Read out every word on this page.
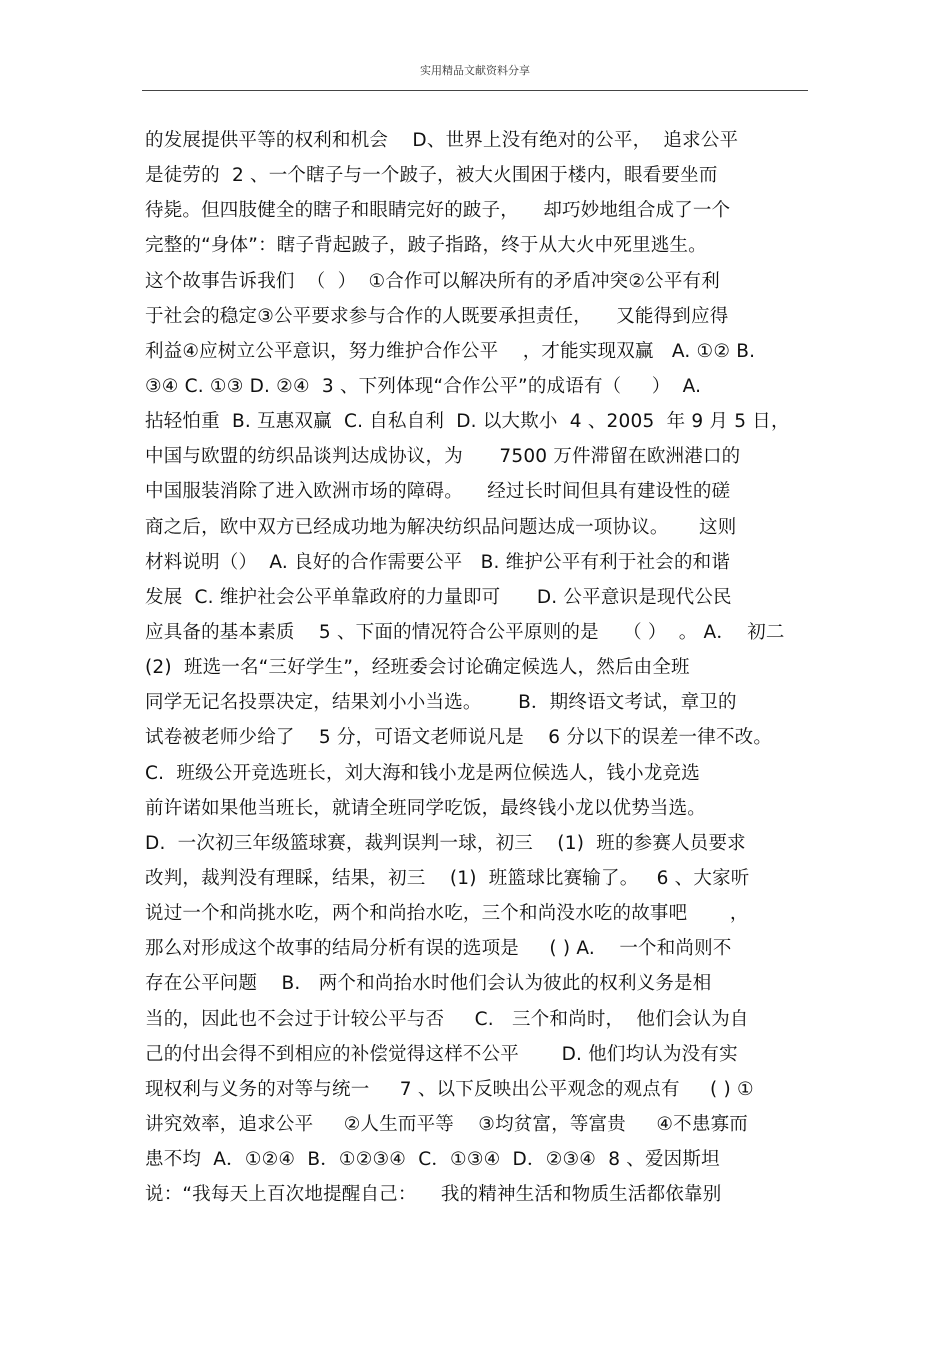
实用精品文献资料分享
的发展提供平等的权利和机会    D、世界上没有绝对的公平，  追求公平
是徒劳的  2 、一个瞎子与一个跛子，被大火围困于楼内，眼看要坐而
待毙。但四肢健全的瞎子和眼睛完好的跛子，    却巧妙地组合成了一个
完整的“身体”：瞎子背起跛子，跛子指路，终于从大火中死里逃生。
这个故事告诉我们  （  ）  ①合作可以解决所有的矛盾冲突②公平有利
于社会的稳定③公平要求参与合作的人既要承担责任，    又能得到应得
利益④应树立公平意识，努力维护合作公平    ，才能实现双赢   A. ①② B.
③④ C. ①③ D. ②④  3 、下列体现“合作公平”的成语有（     ）  A.
拈轻怕重  B. 互惠双赢  C. 自私自利  D. 以大欺小  4 、2005  年 9 月 5 日，
中国与欧盟的纺织品谈判达成协议，为      7500 万件滞留在欧洲港口的
中国服装消除了进入欧洲市场的障碍。    经过长时间但具有建设性的磋
商之后，欧中双方已经成功地为解决纺织品问题达成一项协议。     这则
材料说明（）  A. 良好的合作需要公平   B. 维护公平有利于社会的和谐
发展  C. 维护社会公平单靠政府的力量即可      D. 公平意识是现代公民
应具备的基本素质    5 、下面的情况符合公平原则的是    （ ）  。 A．  初二
(2)  班选一名“三好学生”，经班委会讨论确定候选人，然后由全班
同学无记名投票决定，结果刘小小当选。      B．期终语文考试，章卫的
试卷被老师少给了    5 分，可语文老师说凡是    6 分以下的误差一律不改。
C.  班级公开竞选班长，刘大海和钱小龙是两位候选人，钱小龙竞选
前许诺如果他当班长，就请全班同学吃饭，最终钱小龙以优势当选。
D.  一次初三年级篮球赛，裁判误判一球，初三    (1)  班的参赛人员要求
改判，裁判没有理睬，结果，初三    (1)  班篮球比赛输了。   6 、大家听
说过一个和尚挑水吃，两个和尚抬水吃，三个和尚没水吃的故事吧       ，
那么对形成这个故事的结局分析有误的选项是     ( ) A.    一个和尚则不
存在公平问题    B.   两个和尚抬水时他们会认为彼此的权利义务是相
当的，因此也不会过于计较公平与否     C.   三个和尚时，  他们会认为自
己的付出会得不到相应的补偿觉得这样不公平       D. 他们均认为没有实
现权利与义务的对等与统一     7 、以下反映出公平观念的观点有     ( ) ①
讲究效率，追求公平     ②人生而平等    ③均贫富，等富贵     ④不患寡而
患不均  A．①②④  B．①②③④  C．①③④  D．②③④  8 、爱因斯坦
说：“我每天上百次地提醒自己：    我的精神生活和物质生活都依靠别
